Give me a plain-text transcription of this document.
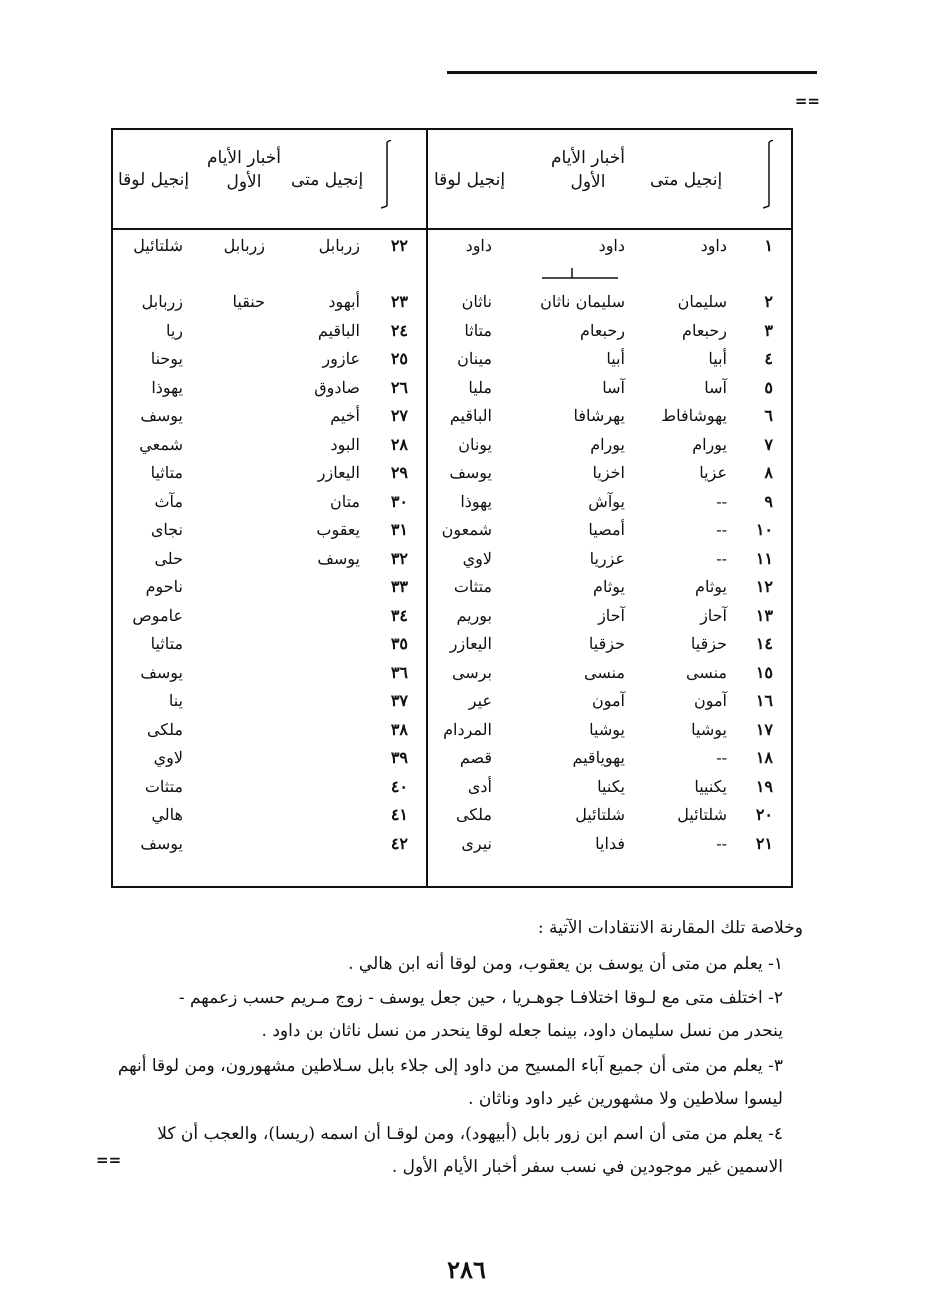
==
إنجيل متى
أخبار الأيام الأول
إنجيل لوقا
إنجيل متى
أخبار الأيام الأول
إنجيل لوقا
١
داود
داود
داود
٢
سليمان
سليمان ناثان
ناثان
٣
رحبعام
رحبعام
متاثا
٤
أبيا
أبيا
مينان
٥
آسا
آسا
مليا
٦
يهوشافاط
يهرشافا
الباقيم
٧
يورام
يورام
يونان
٨
عزيا
اخزيا
يوسف
٩
--
يوآش
يهوذا
١٠
--
أمصيا
شمعون
١١
--
عزريا
لاوي
١٢
يوثام
يوثام
متثات
١٣
آحاز
آحاز
بوريم
١٤
حزقيا
حزقيا
اليعازر
١٥
منسى
منسى
برسى
١٦
آمون
آمون
عير
١٧
يوشيا
يوشيا
المردام
١٨
--
يهوياقيم
قصم
١٩
يكنييا
يكنيا
أدى
٢٠
شلتائيل
شلتائيل
ملكى
٢١
--
فدايا
نيرى
٢٢
زربابل
زربابل
شلتائيل
٢٣
أبهود
حنقيا
زربابل
٢٤
الباقيم
ريا
٢٥
عازور
يوحنا
٢٦
صادوق
يهوذا
٢٧
أخيم
يوسف
٢٨
البود
شمعي
٢٩
اليعازر
متاثيا
٣٠
متان
مآث
٣١
يعقوب
نجاى
٣٢
يوسف
حلى
٣٣
ناحوم
٣٤
عاموص
٣٥
متاثيا
٣٦
يوسف
٣٧
ينا
٣٨
ملكى
٣٩
لاوي
٤٠
متثات
٤١
هالي
٤٢
يوسف
وخلاصة تلك المقارنة الانتقادات الآتية :
١- يعلم من متى أن يوسف بن يعقوب، ومن لوقا أنه ابن هالي .
٢- اختلف متى مع لـوقا اختلافـا جوهـريا ، حين جعل يوسف - زوج مـريم حسب زعمهم -
ينحدر من نسل سليمان داود، بينما جعله لوقا ينحدر من نسل ناثان بن داود .
٣- يعلم من متى أن جميع آباء المسيح من داود إلى جلاء بابل سـلاطين مشهورون، ومن لوقا أنهم
ليسوا سلاطين ولا مشهورين غير داود وناثان .
٤- يعلم من متى أن اسم ابن زور بابل (أبيهود)، ومن لوقـا أن اسمه (ريسا)، والعجب أن كلا
الاسمين غير موجودين في نسب سفر أخبار الأيام الأول .
==
٢٨٦
